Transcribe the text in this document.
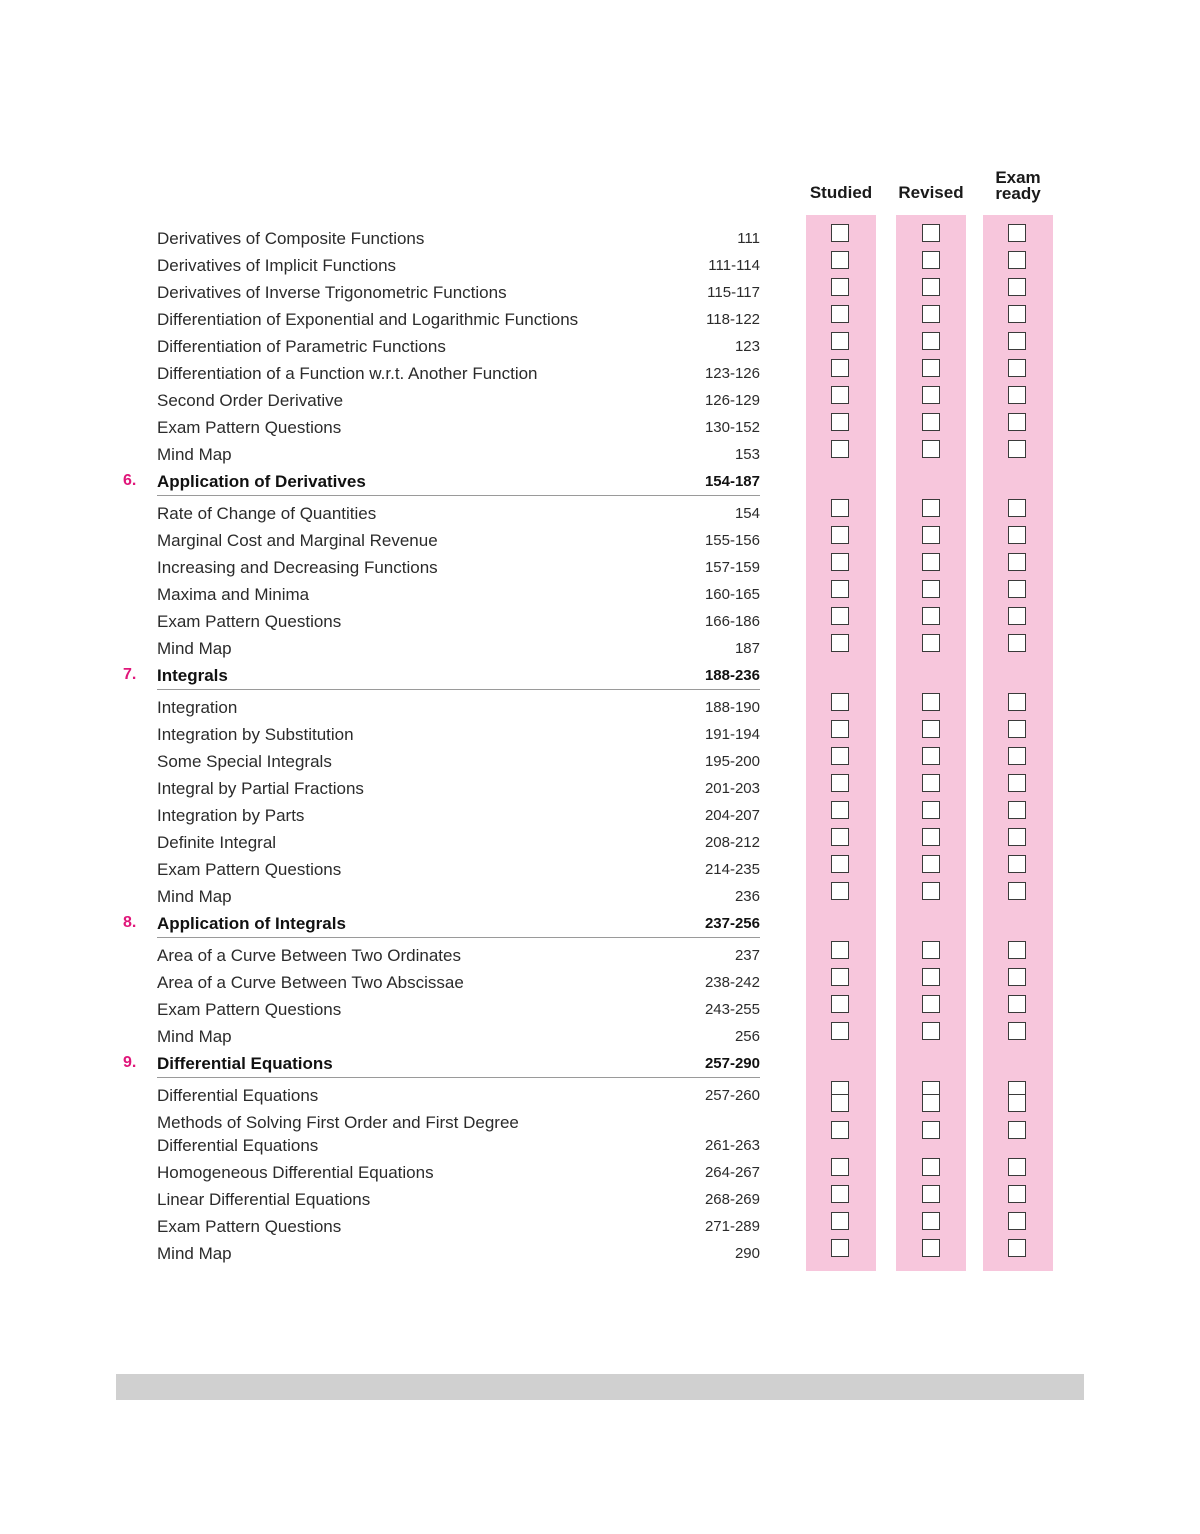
Studied Revised
Exam
ready
Derivatives of Composite Functions	111
Derivatives of Implicit Functions	111-114
Derivatives of Inverse Trigonometric Functions	115-117
Differentiation of Exponential and Logarithmic Functions	118-122
Differentiation of Parametric Functions	123
Differentiation of a Function w.r.t. Another Function	123-126
Second Order Derivative	126-129
Exam Pattern Questions	130-152
Mind Map	153
6. Application of Derivatives	154-187
Rate of Change of Quantities	154
Marginal Cost and Marginal Revenue	155-156
Increasing and Decreasing Functions	157-159
Maxima and Minima	160-165
Exam Pattern Questions	166-186
Mind Map	187
7. Integrals	188-236
Integration	188-190
Integration by Substitution	191-194
Some Special Integrals	195-200
Integral by Partial Fractions	201-203
Integration by Parts	204-207
Definite Integral	208-212
Exam Pattern Questions	214-235
Mind Map	236
8. Application of Integrals	237-256
Area of a Curve Between Two Ordinates	237
Area of a Curve Between Two Abscissae	238-242
Exam Pattern Questions	243-255
Mind Map	256
9. Differential Equations	257-290
Differential Equations	257-260
Methods of Solving First Order and First Degree
Differential Equations	261-263
Homogeneous Differential Equations	264-267
Linear Differential Equations	268-269
Exam Pattern Questions	271-289
Mind Map	290
